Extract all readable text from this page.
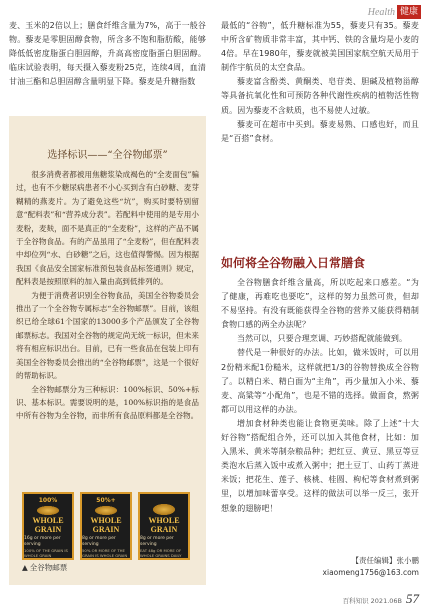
Health 健康

麦、玉米的2倍以上；膳食纤维含量为7%，高于一般谷物。藜麦是零胆固醇食物，所含多不饱和脂肪酸，能够降低低密度脂蛋白胆固醇，升高高密度脂蛋白胆固醇。临床试验表明，每天摄入藜麦粉25克，连续4周，血清甘油三酯和总胆固醇含量明显下降。藜麦是升糖指数

选择标识——“全谷物邮票”

很多消费者都被用焦糖浆染成褐色的“全麦面包”骗过，也有不少糖尿病患者不小心买到含有白砂糖、麦芽糊精的燕麦片。为了避免这些“坑”，购买时要特别留意“配料表”和“营养成分表”。若配料中使用的是专用小麦粉，麦麸，面不是真正的“全麦粉”，这样的产品不属于全谷物食品。有的产品虽用了“全麦粉”，但在配料表中却位列“水、白砂糖”之后，这也值得警惕。因为根据我国《食品安全国家标准预包装食品标签通则》规定，配料表是按照原料的加入量由高到低排列的。

为便于消费者识别全谷物食品，美国全谷物委员会推出了一个全谷物专属标志“全谷物邮票”。目前，该组织已给全球61个国家的13000多个产品颁发了全谷物邮票标志。我国对全谷物的规定尚无统一标识，但未来将有相应标识出台。目前，已有一些食品在包装上印有美国全谷物委员会推出的“全谷物邮票”，这是一个很好的帮助标识。

全谷物邮票分为三种标识：100%标识、50%+标识、基本标识。需要说明的是，100%标识指的是食品中所有谷物为全谷物，而非所有食品原料都是全谷物。

100%
WHOLE
GRAIN
16g or more per serving
100% OF THE GRAIN IS WHOLE GRAIN
50%+
WHOLE
GRAIN
8g or more per serving
50% OR MORE OF THE GRAIN IS WHOLE GRAIN
WHOLE
GRAIN
8g or more per serving
EAT 48g OR MORE OF WHOLE GRAINS DAILY
▲ 全谷物邮票

最低的“谷物”，低升糖标准为55，藜麦只有35。藜麦中所含矿物质非常丰富，其中钙、铁的含量均是小麦的4倍。早在1980年，藜麦就被美国国家航空航天局用于制作宇航员的太空食品。

藜麦富含酚类、黄酮类、皂苷类、胆碱及植物甾醇等具备抗氧化性和可预防各种代谢性疾病的植物活性物质。因为藜麦不含麸质，也不易使人过敏。

藜麦可在超市中买到。藜麦易熟、口感也好，而且是“百搭”食材。

如何将全谷物融入日常膳食

全谷物膳食纤维含量高，所以吃起来口感差。“为了健康，再难吃也要吃”，这样的努力虽然可贵，但却不易坚持。有没有既能获得全谷物的营养又能获得精制食物口感的两全办法呢？

当然可以，只要合理烹调、巧妙搭配就能做到。

替代是一种很好的办法。比如，做米饭时，可以用2份精米配1份糙米，这样就把1/3的谷物替换成全谷物了。以精白米、精白面为“主角”，再少量加入小米、藜麦、高粱等“小配角”，也是不错的选择。做面食，熬粥都可以用这样的办法。

增加食材种类也能让食物更美味。除了上述“十大好谷物”搭配组合外，还可以加入其他食材，比如：加入黑米、黄米等制杂粮品种；把红豆、黄豆、黑豆等豆类泡水后蒸入饭中或煮入粥中；把土豆丁、山药丁蒸进米饭；把花生、莲子、核桃、桂圆、枸杞等食材煮到粥里，以增加味蕾享受。这样的做法可以举一反三，张开想象的翅膀吧！

【责任编辑】张小鹏
xiaomeng1756@163.com
百科知识 2021.06B 57
